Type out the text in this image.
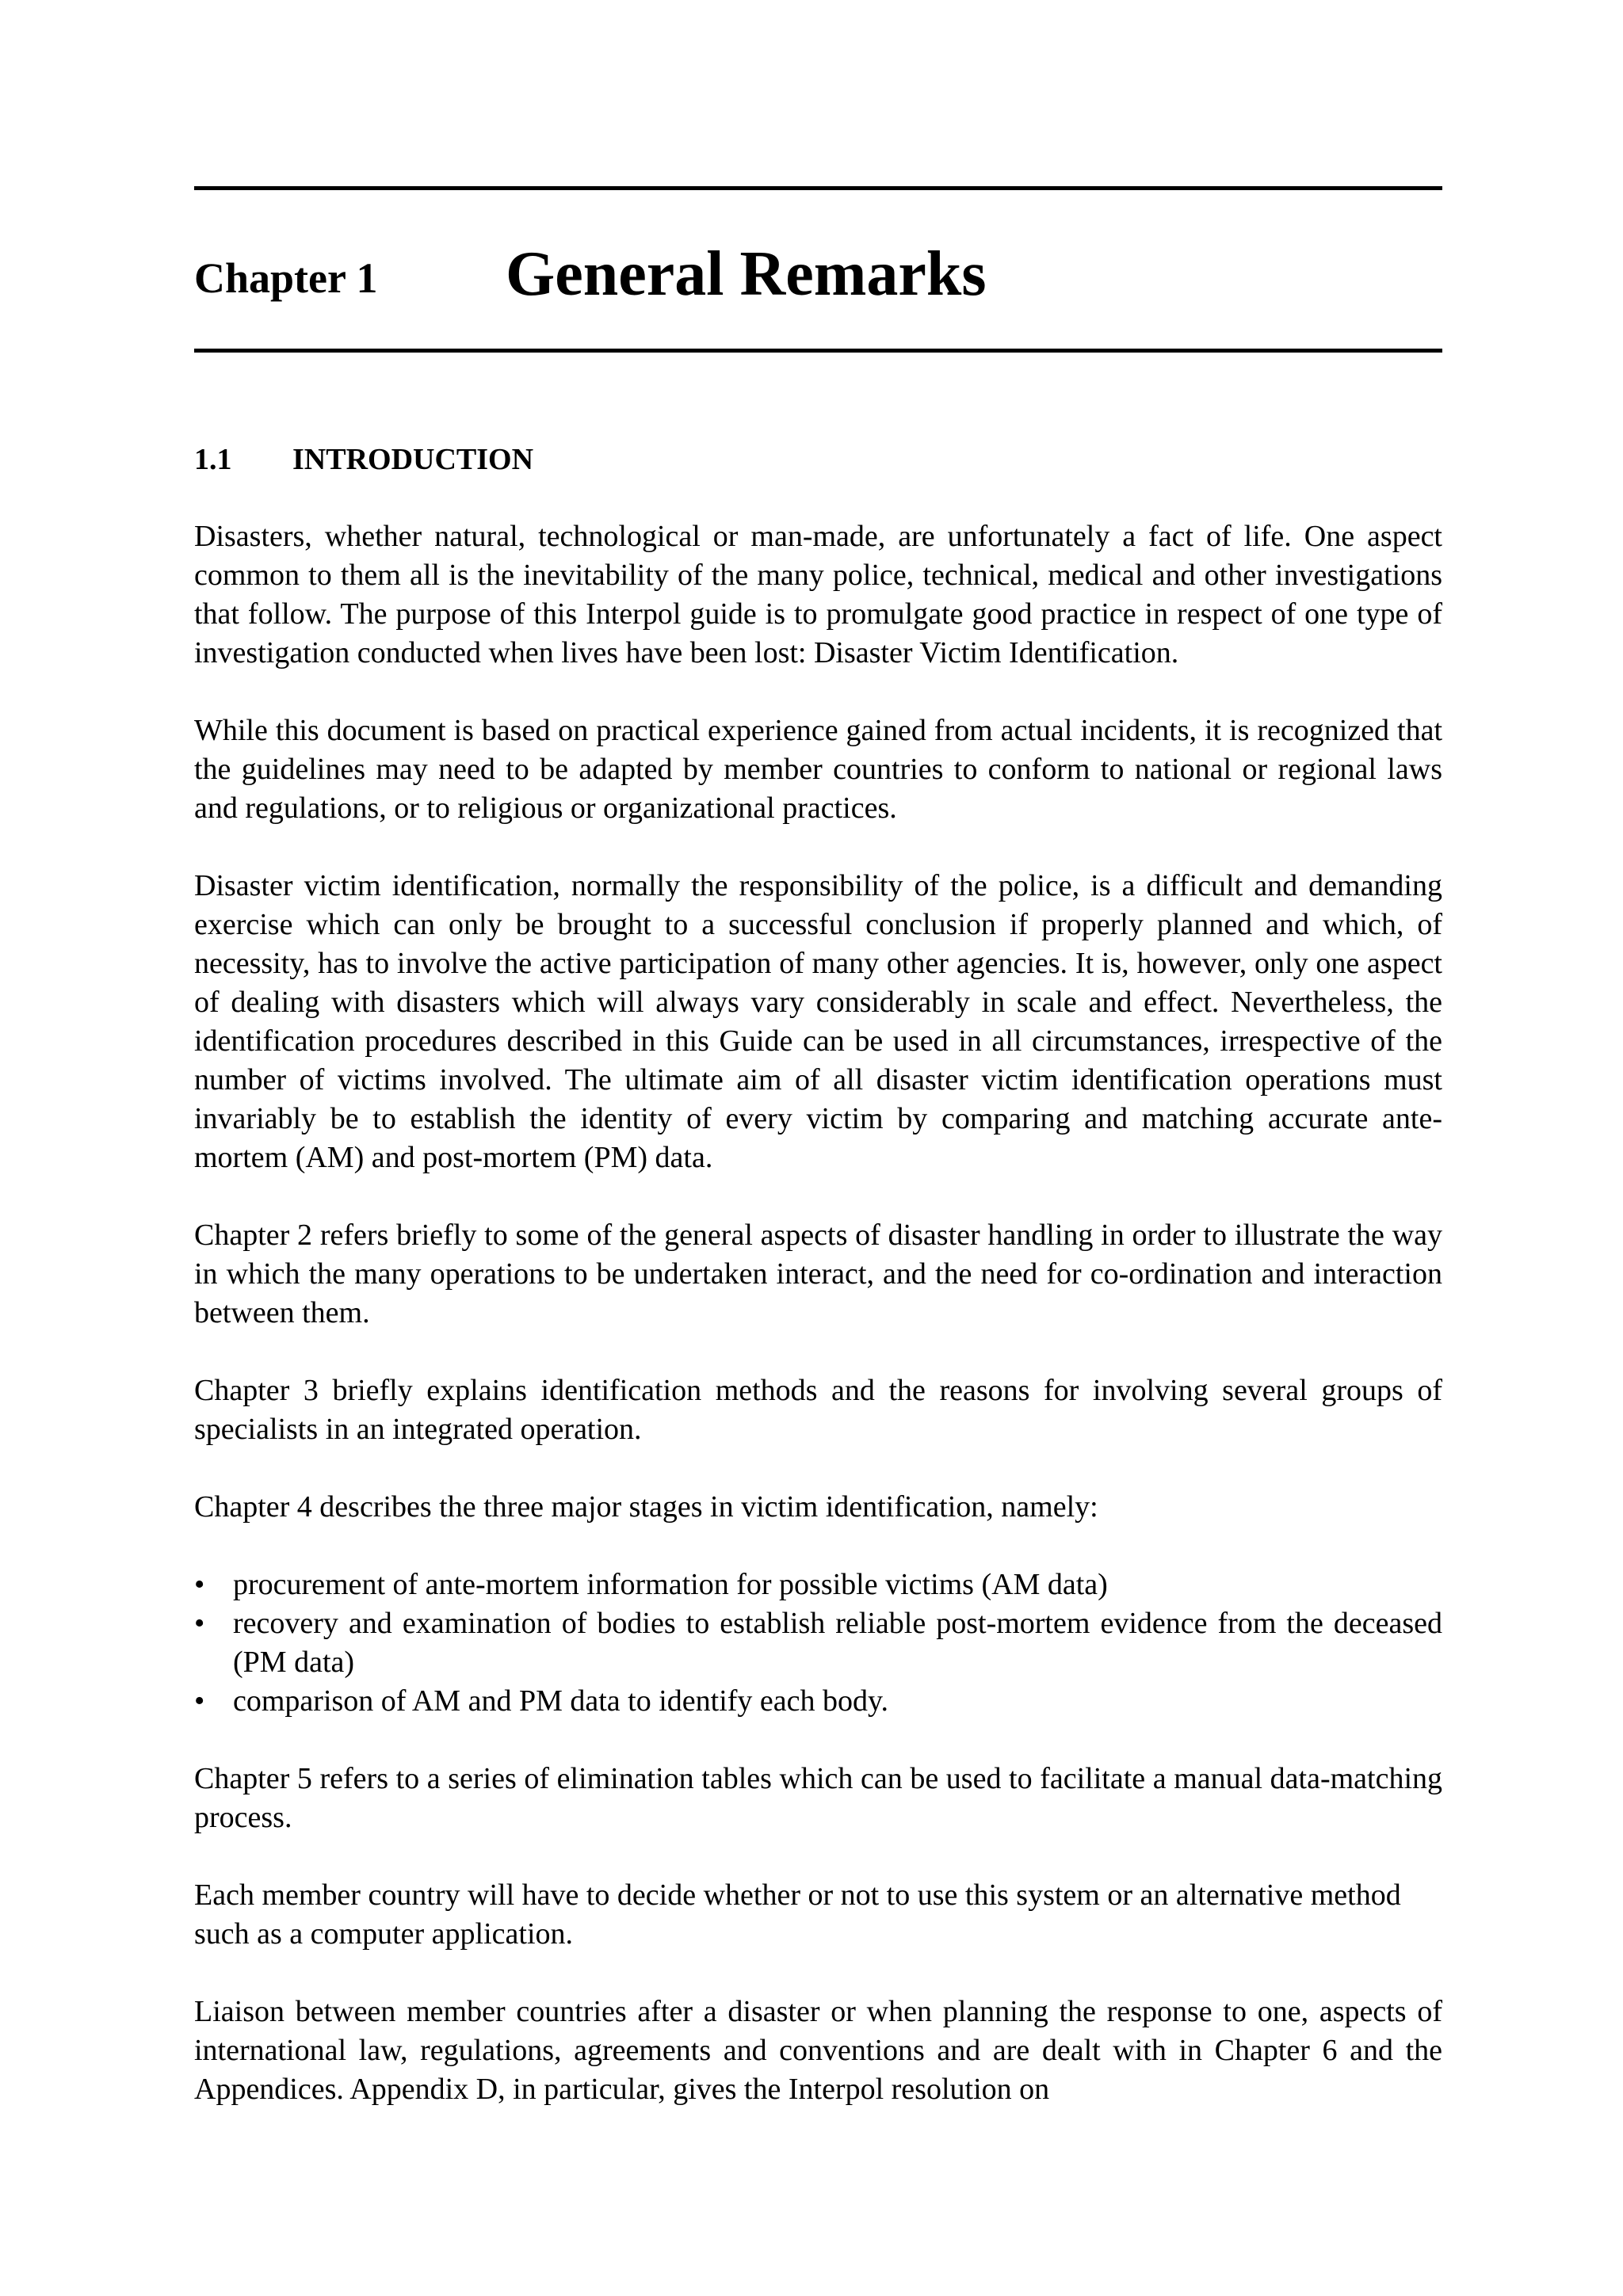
Chapter 1 General Remarks
1.1 INTRODUCTION

Disasters, whether natural, technological or man-made, are unfortunately a fact of life. One aspect common to them all is the inevitability of the many police, technical, medical and other investigations that follow. The purpose of this Interpol guide is to promulgate good practice in respect of one type of investigation conducted when lives have been lost: Disaster Victim Identification.

While this document is based on practical experience gained from actual incidents, it is recognized that the guidelines may need to be adapted by member countries to conform to national or regional laws and regulations, or to religious or organizational practices.

Disaster victim identification, normally the responsibility of the police, is a difficult and demanding exercise which can only be brought to a successful conclusion if properly planned and which, of necessity, has to involve the active participation of many other agencies. It is, however, only one aspect of dealing with disasters which will always vary considerably in scale and effect. Nevertheless, the identification procedures described in this Guide can be used in all circumstances, irrespective of the number of victims involved. The ultimate aim of all disaster victim identification operations must invariably be to establish the identity of every victim by comparing and matching accurate ante-mortem (AM) and post-mortem (PM) data.

Chapter 2 refers briefly to some of the general aspects of disaster handling in order to illustrate the way in which the many operations to be undertaken interact, and the need for co-ordination and interaction between them.

Chapter 3 briefly explains identification methods and the reasons for involving several groups of specialists in an integrated operation.

Chapter 4 describes the three major stages in victim identification, namely:

• procurement of ante-mortem information for possible victims (AM data)
• recovery and examination of bodies to establish reliable post-mortem evidence from the deceased (PM data)
• comparison of AM and PM data to identify each body.

Chapter 5 refers to a series of elimination tables which can be used to facilitate a manual data-matching process.

Each member country will have to decide whether or not to use this system or an alternative method such as a computer application.

Liaison between member countries after a disaster or when planning the response to one, aspects of international law, regulations, agreements and conventions and are dealt with in Chapter 6 and the Appendices. Appendix D, in particular, gives the Interpol resolution on
